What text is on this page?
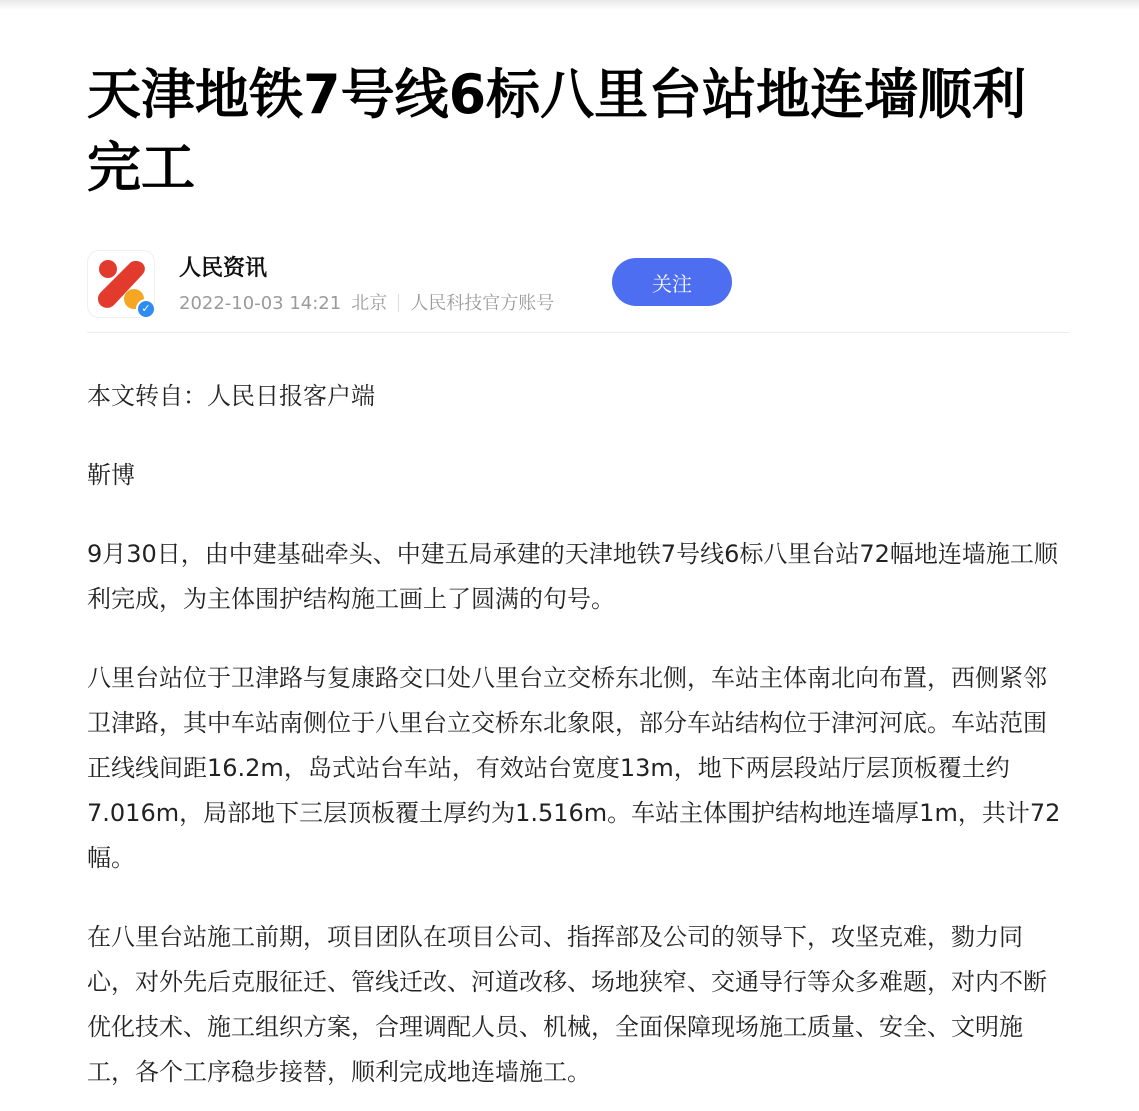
天津地铁7号线6标八里台站地连墙顺利完工
✓
人民资讯
2022-10-03 14:21 北京 人民科技官方账号
关注

本文转自：人民日报客户端

靳博

9月30日，由中建基础牵头、中建五局承建的天津地铁7号线6标八里台站72幅地连墙施工顺利完成，为主体围护结构施工画上了圆满的句号。

八里台站位于卫津路与复康路交口处八里台立交桥东北侧，车站主体南北向布置，西侧紧邻卫津路，其中车站南侧位于八里台立交桥东北象限，部分车站结构位于津河河底。车站范围正线线间距16.2m，岛式站台车站，有效站台宽度13m，地下两层段站厅层顶板覆土约7.016m，局部地下三层顶板覆土厚约为1.516m。车站主体围护结构地连墙厚1m，共计72幅。

在八里台站施工前期，项目团队在项目公司、指挥部及公司的领导下，攻坚克难，勠力同心，对外先后克服征迁、管线迁改、河道改移、场地狭窄、交通导行等众多难题，对内不断优化技术、施工组织方案，合理调配人员、机械，全面保障现场施工质量、安全、文明施工，各个工序稳步接替，顺利完成地连墙施工。
